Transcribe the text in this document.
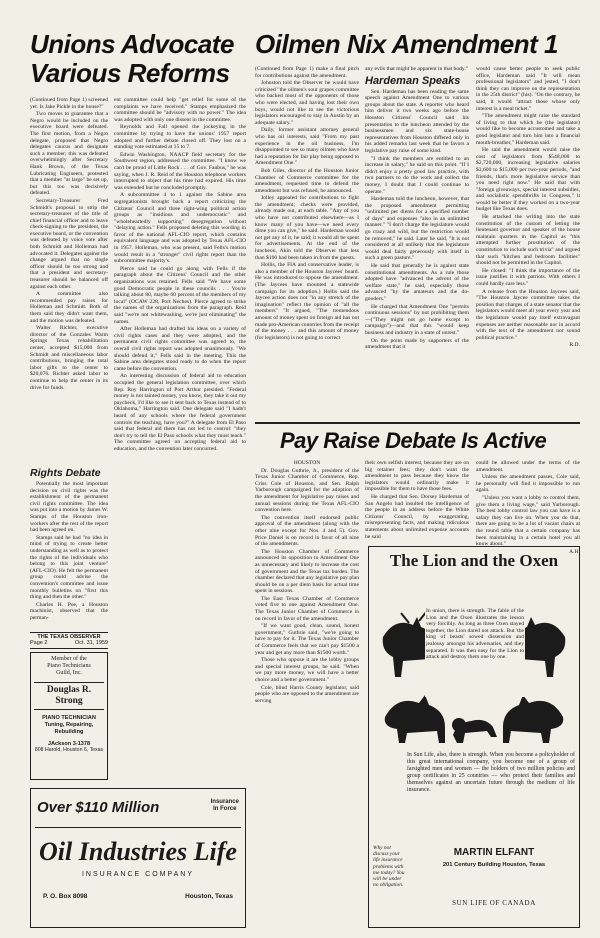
Unions Advocate
Various Reforms
Oilmen Nix Amendment 1

(Continued from Page 1) screened yet. Is Jake Pickle in the house?"

Two moves to guarantee that a Negro would be included on the executive board were defeated. The first motion, from a Negro delegate, proposed that Negro delegates caucus and designate such a member; this was defeated overwhelmingly after Secretary Hank Brown, of the Texas Lubricating Engineers, protested that a member "at large" be set up, but this too was decisively defeated.

Secretary-Treasurer Fred Schmidt's proposal to strip the secretary-treasurer of the title of chief financial officer and to leave check-signing to the president, the executive board, or the convention was defeated by voice vote after both Schmidt and Holleman had advocated it. Delegates against the change argued that no single officer should be too strong and that a president and secretary-treasurer should be balanced off against each other.

A committee also recommended pay raises for Holleman and Schmidt. Both of them said they didn't want them, and the motion was defeated.

Walter Richter, executive director of the Gonzales Warm Springs Texas rehabilitation center, accepted $15,000 from Schmidt and miscellaneous labor contributions, bringing the total labor gifts to the center to $20,076. Richter asked labor to continue to help the center in its drive for funds.

Rights Debate

Potentially the most important decision on civil rights was the establishment of the permanent civil rights committee. The idea was put into a motion by James W. Stamps of the Houston iron-workers after the rest of the report had been agreed on.

Stamps said he had "no idea in mind of trying to create better understanding as well as to protect the rights of the individuals who belong to this joint venture" (AFL-CIO). He felt the permanent group could advise the convention's committee and issue monthly bulletins on "first this thing and then the other."

Charles H. Poe, a Houston machinist, observed that the perman-

THE TEXAS OBSERVER
Page 2	Oct. 31, 1959
Member of the
Piano Technicians
Guild, Inc.
Douglas R. Strong
PIANO TECHNICIAN
Tuning, Repairing,
Rebuilding
JAckson 3-1378
808 Harold, Houston 6, Texas

ent committee could help "get relief for some of the complaints we have received." Stamps emphasized the committee should be "advisory with no power." The idea was adopted with only one dissent in the committee.

Reynolds and Fall opened the jockeying in the committee by trying to have the unions' 1957 report adopted and further debate closed off. They lost on a standing vote estimated at 15 to 7.

Edwin Washington, NAACP field secretary for the Southwest region, addressed the committee. "I know we can't be proud of Little Rock . . . of Gov. Faubus," he was saying, when J. R. Reid of the Houston telephone workers interrupted to object that his time had expired. His time was extended but he concluded promptly.

A subcommittee 4 to 1 against the Sabine area segregationists brought back a report criticizing the Citizens' Council and three right-wing political action groups as "insidious and undemocratic" and "wholeheartedly supporting" desegregation without "delaying action." Fells proposed deleting this wording in favor of the national AFL-CIO report, which contains equivalent language and was adopted by Texas AFL-CIO in 1957. Holleman, who was present, said Fells's motion would result in a "stronger" civil rights report than the subcommittee majority's.

Pierce said he could go along with Fells if the paragraph about the Citizens' Council and the other organizations was retained. Fells said "We have some good Democratic people in these councils . . . You're talking about 80, maybe 60 percent of the members of my local" (OCAW 228, Port Neches). Pierce agreed to strike the names of the organizations from the paragraph. Reid said "we're not whitewashing, we're just eliminating" the names.

After Holleman had drafted his ideas on a variety of civil rights cases and they were adopted, and the permanent civil rights committee was agreed to, the overall civil rights report was adopted unanimously. "We should defend it," Fells said in the meeting. This the Sabine area delegates stood ready to do when the report came before the convention.

An interesting discussion of federal aid to education occupied the general legislation committee, over which Rep. Roy Harrington of Port Arthur presided. "Federal money is not tainted money, you know, they take it out my paycheck, I'd like to see it sent back to Texas instead of to Oklahoma," Harrington said. One delegate said "I hadn't heard of any schools where the federal government controls the teaching, have you?" A delegate from El Paso said that federal aid there has not led to control: "they don't try to tell the El Paso schools what they must teach." The committee agreed on accepting federal aid to education, and the convention later concurred.

(Continued from Page 1) make a final pitch for contributions against the amendment.

Johnston told the Observer he would have criticized "the oilmen's sour grapes committee who backed most of the opponents of those who were elected, and having lost their own boys, would not like to see the victorious legislators encouraged to stay in Austin by an adequate salary."

Daily, former assistant attorney general who has oil interests, said "From my past experience in the oil business, I'm disappointed to see so many oilmen who have had a reputation for fair play being opposed to Amendment One."

Bob Giles, director of the Houston Junior Chamber of Commerce committee for the amendment, requested time to defend the amendment but was refused, he announced.

Jolley appealed for contributions to fight the amendment; checks were provided, already made out, at each table. "Any of you who have not contributed elsewhere—as I know many of you have—we need every dime you can give," he said. Hardeman would not get any of it, he said; it would all be spent for advertisements. At the end of the luncheon, Akin told the Observer that less than $100 had been taken in from the guests.

Hollis, the FIA and conservative leader, is also a member of the Houston Jaycees' board. He was introduced to oppose the amendment. (The Jaycees have mounted a statewide campaign for its adoption.) Hollis said the Jaycee action does not "in any stretch of the imagination" reflect the opinion of "all the members" "It argued, "The tremendous amount of money spent on foreign aid has not made pro-American countries from the receipt of the money . . . and this amount of money (for legislators) is not going to correct

any evils that might be apparent in that body."

Hardeman Speaks

Sen. Hardeman has been reading the same speech against Amendment One to various groups about the state. A reporter who heard him deliver it two weeks ago before the Houston Citizens' Council said his presentation to the luncheon attended by the businessmen and six state-house representatives from Houston differed only in his added remarks last week that he favors a legislative pay raise of some kind.

"I think the members are entitled to an increase in salary," he said on this point. "If I didn't enjoy a pretty good law practice, with two partners to do the work and collect the money, I doubt that I could continue to operate."

Hardeman told the luncheon, however, that the proposed amendment permitting "unlimited per diems for a specified number of days" and expenses "also in an unlimited manner." "I don't charge the legislature would go crazy and wild, but the restriction would be removed," he said. Later he said, "It is not considered at all unlikely that the legislature would deal fairly generously with itself in such a green pasture."

He said that generally he is against state constitutional amendments. As a rule those adopted have "advanced the advent of the welfare state," he said, especially those advanced "by the amateurs and the do-gooders."

He charged that Amendment One "permits continuous sessions" by not prohibiting them—("They might not go home except to campaign")—and that this "would keep business and industry in a state of unrest."

On the point made by supporters of the amendment that it

would cause better people to seek public office, Hardeman said "It will mean professional legislators" and jested, "I don't think they can improve on the representation in the 25th district" (his). "On the contrary, he said, it would "attract those whose only interest is a meal ticket."

"The amendment might raise the standard of living to that which he (the legislator) would like to become accustomed and take a good legislator and turn him into a financial mouth-breather," Hardeman said.

He said the amendment would raise the cost of legislators from $548,000 to $2,720,000, increasing legislative salaries $3,600 to $15,000 per two-year periods, "and friends, that's more legislative service than you need right now." He said that with "foreign giveaways, special interest subsidies, and socialistic spendthrifts in Congress," it would be better if they worked on a two-year budget like Texas does.

He attacked the writing into the state constitution of the custom of letting the lieutenant governor and speaker of the house maintain quarters in the Capitol as "this attempted further prostitution of the constitution to include such trivia" and argued that such "kitchen and bedroom facilities" should not be permitted in the Capitol.

He closed: "I think the importance of the issue justifies it with patriots. With others I could hardly care less."

A release from the Houston Jaycees said, "The Houston Jaycee committee takes the position that charges of a state senator that the legislators would meet all year every year and the legislature would pay itself extravagant expenses are neither reasonable nor in accord with the text of the amendment nor sound political practice."

R.D.
Pay Raise Debate Is Active
HOUSTON

Dr. Douglas Guthrie, Jr., president of the Texas Junior Chamber of Commerce, Rep. Criss Cole of Houston, and Sen. Ralph Yarborough campaigned for the adoption of the amendment for legislative pay raises and annual sessions during the Texas AFL-CIO convention here.

The convention itself endorsed public approval of the amendment (along with the other nine except for Nos. 4 and 5). Gov. Price Daniel is on record in favor of all nine of the amendments.

The Houston Chamber of Commerce announced its opposition to Amendment One as unnecessary and likely to increase the cost of government and the Texas tax burden. The chamber declared that any legislative pay plan should be on a per diem basis for actual time spent in sessions.

The East Texas Chamber of Commerce voted five to one against Amendment One. The Texas Junior Chamber of Commerce in on record in favor of the amendment.

"If we want good, clean, sound, honest government," Guthrie said, "we're going to have to pay for it. The Texas Junior Chamber of Commerce feels that we can't pay $1500 a year and get any more than $1500 worth."

Those who oppose it are the lobby groups and special interest groups, he said. "When we pay more money, we will have a better choice and a better government."

Cole, blind Harris County legislator, said people who are opposed to the amendment are serving

their own selfish interest, because they are on big retainer fees; they don't want the amendment to pass because they know the legislators would ordinarily make it impossible for them to have those fees.

He charged that Sen. Dorsey Hardeman of San Angelo had insulted the intelligence of the people in an address before the White Citizens' Council, by exaggerating, misrepresenting facts, and making ridiculous statements about unlimited expense accounts he said

could be allowed under the terms of the amendment.

Unless the amendment passes, Cole said, he personally will find it impossible to run again.

"Unless you want a lobby to control them, give them a living wage," said Yarborough. The best lobby control law you can have is a salary they can live on. When you do that, there are going to be a lot of vacant chairs at the round table that a certain company has been maintaining in a certain hotel you all know about."

A.H.
The Lion and the Oxen
In union, there is strength. The fable of the Lion and the Oxen illustrates the lesson very forcibly. As long as three Oxen stayed together, the Lion dared not attack. But 'the king of beasts' sowed dissension and jealousy amongst his adversaries, and they separated. It was then easy for the Lion to attack and destroy them one by one.
In Sun Life, also, there is strength. When you become a policyholder of this great international company, you become one of a group of farsighted men and women — the holders of two million policies and group certificates in 25 countries — who protect their families and themselves against an uncertain future through the medium of life insurance.
Why not discuss your life insurance problems with me today? You will be under no obligation.
MARTIN ELFANT
201 Century Building Houston, Texas
SUN LIFE OF CANADA
Over $110 Million	Insurance
In Force
Oil Industries Life
INSURANCE COMPANY
P. O. Box 8098	Houston, Texas
